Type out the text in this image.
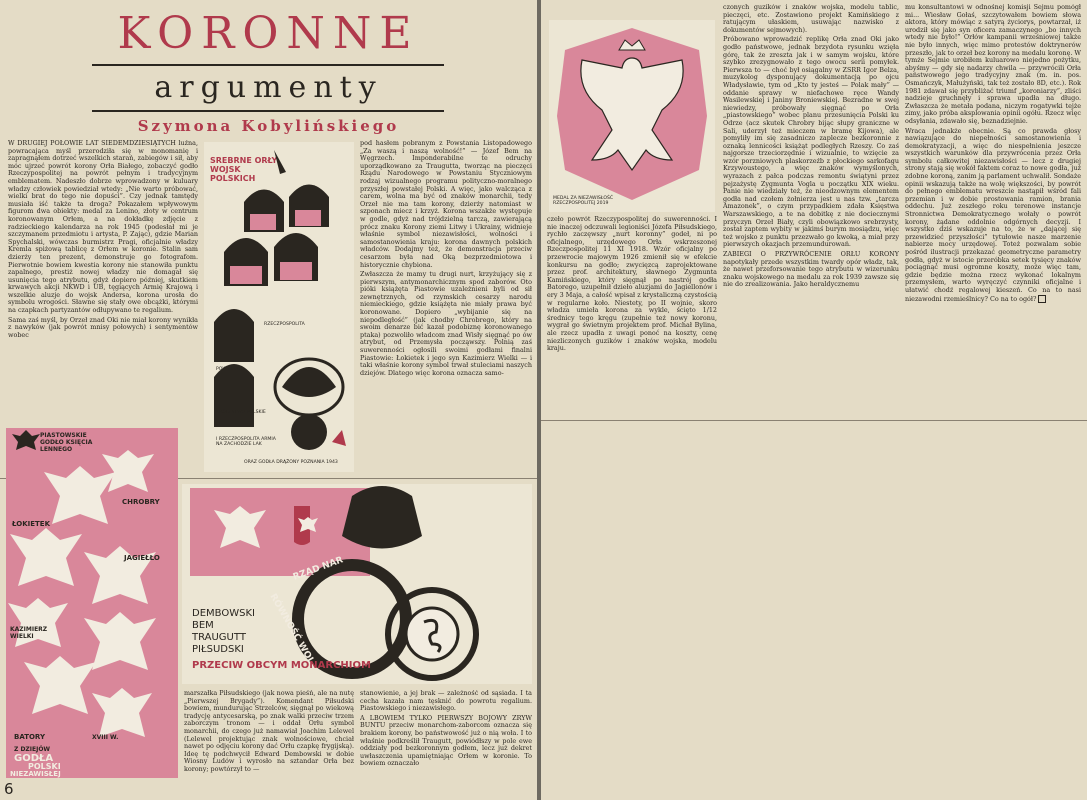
KORONNE
argumenty
Szymona Kobylińskiego

W DRUGIEJ POŁOWIE LAT SIEDEMDZIESIĄTYCH luźna, powracająca myśl przerodziła się w monomanię i zapragnąłem dotrzeć wszelkich starań, zabiegów i sił, aby móc ujrzeć powrót korony Orła Białego, zobaczyć godło Rzeczypospolitej na powrót pełnym i tradycyjnym emblematem. Nadeszło dobrze wprowadzony w kuluary władzy człowiek powiedział wtedy: „Nie warto próbować, wielki brat do tego nie dopuści”. Czy jednak tamtędy musiała iść także ta droga? Pokazałem wpływowym figurom dwa obiekty: medal za Lenino, złoty w centrum koronowanym Orłem, a na dokładkę zdjęcie z radzieckiego kalendarza na rok 1945 (podesłał mi je szczymanem przedmiotu i artysta, P. Zając), gdzie Marian Spychalski, wówczas burmistrz Pragi, oficjalnie władzy Kremla spiżową tablicę z Orłem w koronie. Stalin sam dzierży ten prezent, demonstruje go fotografom. Pierwotnie bowiem kwestia korony nie stanowiła punktu zapalnego, prestiż nowej władzy nie domagał się usunięcia tego atrybutu, gdyż dopiero później, skutkiem krwawych akcji NKWD i UB, tęgiących Armię Krajową i wszelkie aluzje do wojsk Andersa, korona urosła do symbolu wrogości. Sławne się stały owe obcążki, którymi na czapkach partyzantów odłupywano te regalium.

Sama zaś myśl, by Orzeł znad Oki nie miał korony wynikła z nawyków (jak powrót mnisy połowych) i sentymentów wobec

SREBRNE ORŁY WOJSK POLSKICH
RZECZPOSPOLITA
KRÓLESTWO POLSKIE
POWSTANIE
I RZECZPOSPOLITA ARMIA NA ZACHODZIE LAK
ORAZ GODŁA DRĄŻONY POZNANIA 1943

pod hasłem pobranym z Powstania Listopadowego „Za waszą i naszą wolność!” — Józef Bem na Węgrzech. Imponderabilne te odruchy uporządkowano za Traugutta, tworząc na pieczęci Rządu Narodowego w Powstaniu Styczniowym rodzaj wizualnego programu polityczno-moralnego przyszłej powstałej Polski. A więc, jako walcząca z carem, wolna ma być od znaków monarchii, tedy Orzeł nie ma tam korony, dzierży natomiast w szponach miecz i krzyż. Korona wszakże występuje w godle, gdyż nad trójdzielną tarczą, zawierającą prócz znaku Korony ziemi Litwy i Ukrainy, widnieje właśnie symbol niezawisłości, wolności i samostanowienia kraju: korona dawnych polskich władców. Dodajmy też, że demonstracja przeciw cesarzom była nad Oką bezprzedmiotowa i historycznie chybiona.

Zwłaszcza że mamy tu drugi nurt, krzyżujący się z pierwszym, antymonarchicznym spod zaborów. Oto pióki książęta Piastowie uzależnieni byli od sił zewnętrznych, od rzymskich cesarzy narodu niemieckiego, gdzie książęta nie miały prawa być koronowane. Dopiero „wybijanie się na niepodległość” (jak chodby Chrobrego, który na swoim denarze bić kazał podobiznę koronowanego ptaka) pozwoliło władcom znad Wisły sięgnąć po ów atrybut, od Przemysła począwszy. Polnią zaś suwerenności ogłosili swoimi godłami finalni Piastowie: Łokietek i jego syn Kazimierz Wielki — i taki właśnie korony symbol trwał stuleciami naszych dziejów. Dlatego więc korona oznacza samo-

PIASTOWSKIE GODŁO KSIĘCIA LENNEGO
CHROBRY
ŁOKIETEK
JAGIEŁŁO
KAZIMIERZ WIELKI
BATORY	XVIII W.
Z DZIEJÓW
GODŁA
POLSKI
NIEZAWISŁEJ
RZĄD NAR
RÓWNOŚĆ WOL
DEMBOWSKI
BEM
TRAUGUTT
PIŁSUDSKI
PRZECIW OBCYM MONARCHIOM

marszałka Piłsudskiego (jak nowa pieśń, ale na nutę „Pierwszej Brygady”). Komendant Piłsudski bowiem, mundurując Strzelców, sięgnął po wiekową tradycję antycesarską, po znak walki przeciw trzem zaborczym tronom — i oddał Orłu symbol monarchii, do czego już namawiał Joachim Lelewel (Lelewel projektując znak wolnościowe, chciał nawet po odjęciu korony dać Orłu czapkę frygijską). Ideę tę podchwycił Edward Dembowski w dobie Wiosny Ludów i wyrosło na sztandar Orła bez korony; powtórzył to —

stanowienie, a jej brak — zależność od sąsiada. I ta cecha kazała nam tęsknić do powrotu regalium. Piastowskiego i niezawisłego.

A LBOWIEM TYLKO PIERWSZY BOJOWY ZRYW BUNTU przeciw monarchom-zaborcom oznacza się brakiem korony, bo państwowość już o nią woła. I to właśnie podkreślił Traugutt, powiódłszy w pole ewe oddziały pod bezkoronnym godłem, lecz już dekret uwłaszczenia upamiętniając Orłem w koronie. To bowiem oznaczało

6
MEDAL ZA NIEZAWISŁOŚĆ RZECZPOSPOLITEJ 2019

czeło powrót Rzeczypospolitej do suwerenności. I nie inaczej odczuwali legioniści Józefa Piłsudskiego, rychło zaczęwszy „nurt koronny” godeł, ni po oficjalnego, urzędowego Orła wskrzeszonej Rzeczpospolitej 11 XI 1918. Wzór oficjalny po przewrocie majowym 1926 zmienił się w efekcie konkursu na godło; zwycięzcą zaprojektowane przez prof. architektury, sławnego Zygmunta Kamińskiego, który sięgnął po nastrój godła Batorego, uzupełnił dzieło aluzjami do Jagiellonów i ery 3 Maja, a całość wpisał z krystaliczną czystością w regularne koło. Niestety, po II wojnie, skoro władza umieła korona za wykle, ścięto 1/12 średnicy tego kręgu (zupełnie też nowy koronu, wygrał go świetnym projektem prof. Michał Bylina, ale rzecz upadła z uwagi ponoć na koszty, cenę niezliczonych guzików i znaków wojska, modelu kraju.

czonych guzików i znaków wojska, modelu tablic, pieczęci, etc. Zostawiono projekt Kamińskiego z ratującym ułaskiem, usuwając nazwisko z dokumentów sejmowych).

Próbowano wprowadzić replikę Orła znad Oki jako godło państwowe, jednak brzydota rysunku wzięła górę, tak że zreszta jak i w samym wojsku, które szybko zrezygnowało z tego owocu serii pomyłek. Pierwsza to — choć był osiągalny w ZSRR Igor Belza, muzykolog dysponujący dokumentacją po ojcu Władysławie, tym od „Kto ty jesteś — Polak mały” — oddanie sprawy w niefachowe ręce Wandy Wasilewskiej i Janiny Broniewskiej. Bezradne w swej niewiedzy, próbowały sięgnąć po Orła „piastowskiego” wobec planu przesunięcia Polski ku Odrze (acz skutek Chrobry bijąc słupy graniczne w Sali, uderzył też mieczem w bramę Kijowa), ale pomyliły im się zasadniczo zaplecze bezkoronnie z oznaką lennicości książąt podległych Rzeszy. Co zaś najgorsze trzeciorzędnie i wizualnie, to wzięcie za wzór porzniowych plaskorzeźb z płockiego sarkofagu Krzywoustego, a więc znaków wymyślonych, wyrazach z pałca podczas remontu świątyni przez pejzażystę Zygmunta Vogla u początku XIX wieku. Panie nie wiedziały też, że nieodzownym elementem godła nad czołem żołnierza jest u nas tzw. „tarcza Amazonek”, o czym przypadkiem zdała Księstwa Warszawskiego, a te na dobitkę z nie dociecznymi przyczyn Orzeł Biały, czyli obowiązkowo srebrzysty, został zaptem wybity w jakimś burym mosiądzu, więc też wojsko z punktu przezwało go kwoką, a miał przy pierwszych okazjach przemundurowań.

ZABIEGI O PRZYWRÓCENIE ORŁU KORONY napotykały przede wszystkim twardy opór władz, tak, że nawet przeforsowanie tego atrybutu w wizerunku znaku wojskowego na medalu za rok 1939 zawsze się nie do zrealizowania. Jako heraldycznemu

mu konsultantowi w odnośnej komisji Sejmu pomógł mi... Wiesław Gołaś, szczytowałem bowiem słowa aktora, który mówiąc z satyrą życiorys, powtarzał, iż urodził się jako syn oficera zamaczynego „bo innych wtedy nie było!” Orłów kampanii wrześniowej także nie było innych, więc mimo protestów doktrynerów przeszło, jak to orzeł bez korony na medalu koronę. W tymże Sejmie urobiłem kuluarowo niejedno pożytku, abyśmy — gdy się nadarzy chwila — przywrócili Orła państwowego jego tradycyjny znak (m. in. pos. Osmańczyk, Małużyński, tak też zostało 8D, etc.). Rok 1981 zdawał się przybliżać triumf „koroniarzy”, zliści nadzieje gruchnęły i sprawa upadła na długo. Zwłaszcza że metała podana, niczym rogatywki tejże zimy, jako próba aksplowania opinii ogółu. Rzecz więc odsyłania, zdawało się, beznadziejnie.

Wraca jednakże obecnie. Są co prawda głosy nawiązujące do niepełności samostanowienia i demokratyzacji, a więc do niespełnienia jeszcze wszystkich warunków dla przywrócenia przez Orła symbolu całkowitej niezawisłości — lecz z drugiej strony stają się wokół faktem coraz to nowe godła, już zdobne koroną, zanim ją parlament uchwalił. Sondaże opinii wskazują także na wolę większości, by powrót do pełnego emblematu wreszcie nastąpił wśród fali przemian i w dobie prostowania ramion, brania oddechu. Już zeszłego roku terenowe instancje Stronnictwa Demokratycznego wołały o powrót korony, żądane oddolnie odgórnych decyzji. I wszystko dziś wskazuje na to, że w „dającej się przewidzieć przyszłości” tytułowie nasze marzenie nabierze mocy urzędowej. Toteż pozwalam sobie pośród ilustracji przekazać geometryczne parametry godła, gdyż w istocie przeróbka setek tysięcy znaków pociągnąć musi ogromne koszty, może więc tam, gdzie będzie można rzecz wykonać lokalnym przemysłem, warto wyręczyć czynniki oficjalne i ułatwić chodź regalowej kieszeń. Co na to nasi niezawodni rzemieślnicy? Co na to ogół?
